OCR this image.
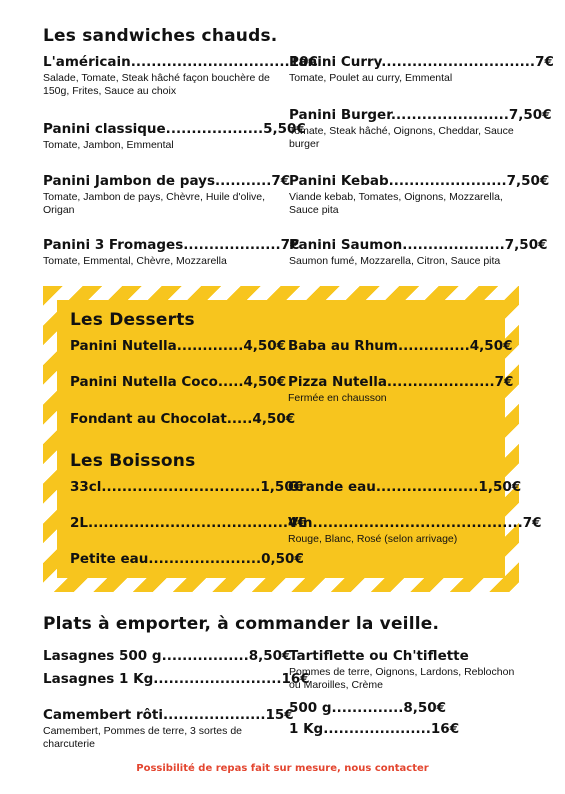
Les sandwiches chauds.
L'américain...............................10€
Salade, Tomate, Steak hâché façon bouchère de 150g, Frites, Sauce au choix
Panini classique...................5,50€
Tomate, Jambon, Emmental
Panini Jambon de pays...........7€
Tomate, Jambon de pays, Chèvre, Huile d'olive, Origan
Panini 3 Fromages...................7€
Tomate, Emmental, Chèvre, Mozzarella
Panini Curry..............................7€
Tomate, Poulet au curry, Emmental
Panini Burger.......................7,50€
Tomate, Steak hâché, Oignons, Cheddar, Sauce burger
Panini Kebab.......................7,50€
Viande kebab, Tomates, Oignons, Mozzarella, Sauce pita
Panini Saumon....................7,50€
Saumon fumé, Mozzarella, Citron, Sauce pita
Les Desserts
Panini Nutella.............4,50€
Panini Nutella Coco.....4,50€
Fondant au Chocolat.....4,50€
Baba au Rhum..............4,50€
Pizza Nutella.....................7€
Fermée en chausson
Les Boissons
33cl...............................1,50€
2L.......................................4€
Petite eau......................0,50€
Grande eau....................1,50€
Vin.........................................7€
Rouge, Blanc, Rosé (selon arrivage)
Plats à emporter, à commander la veille.
Lasagnes 500 g.................8,50€
Lasagnes 1 Kg.........................16€
Camembert rôti....................15€
Camembert, Pommes de terre, 3 sortes de charcuterie
Tartiflette ou Ch'tiflette
Pommes de terre, Oignons, Lardons, Reblochon ou Maroilles, Crème
500 g..............8,50€
1 Kg.....................16€
Possibilité de repas fait sur mesure, nous contacter
